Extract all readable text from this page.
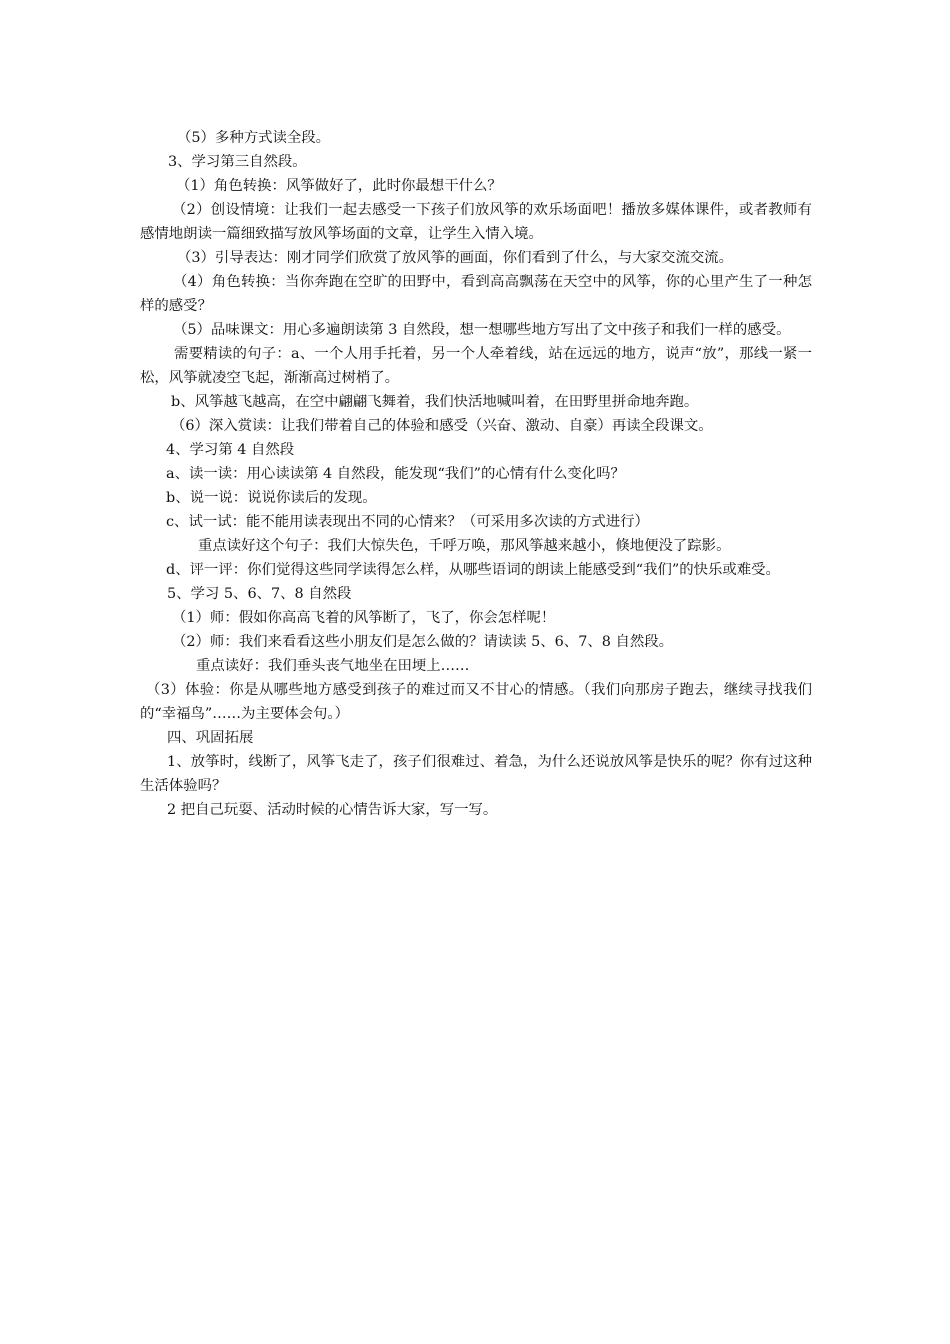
（5）多种方式读全段。

3、学习第三自然段。

（1）角色转换：风筝做好了，此时你最想干什么？

（2）创设情境：让我们一起去感受一下孩子们放风筝的欢乐场面吧！播放多媒体课件，或者教师有感情地朗读一篇细致描写放风筝场面的文章，让学生入情入境。

（3）引导表达：刚才同学们欣赏了放风筝的画面，你们看到了什么，与大家交流交流。

（4）角色转换：当你奔跑在空旷的田野中，看到高高飘荡在天空中的风筝，你的心里产生了一种怎样的感受？

（5）品味课文：用心多遍朗读第 3 自然段，想一想哪些地方写出了文中孩子和我们一样的感受。

需要精读的句子：a、一个人用手托着，另一个人牵着线，站在远远的地方，说声“放”，那线一紧一松，风筝就凌空飞起，渐渐高过树梢了。

b、风筝越飞越高，在空中翩翩飞舞着，我们快活地喊叫着，在田野里拼命地奔跑。

（6）深入赏读：让我们带着自己的体验和感受（兴奋、激动、自豪）再读全段课文。

4、学习第 4 自然段

a、读一读：用心读读第 4 自然段，能发现“我们”的心情有什么变化吗？

b、说一说：说说你读后的发现。

c、试一试：能不能用读表现出不同的心情来？（可采用多次读的方式进行）

重点读好这个句子：我们大惊失色，千呼万唤，那风筝越来越小，倏地便没了踪影。

d、评一评：你们觉得这些同学读得怎么样，从哪些语词的朗读上能感受到“我们”的快乐或难受。

5、学习 5、6、7、8 自然段

（1）师：假如你高高飞着的风筝断了，飞了，你会怎样呢！

（2）师：我们来看看这些小朋友们是怎么做的？请读读 5、6、7、8 自然段。

重点读好：我们垂头丧气地坐在田埂上……

（3）体验：你是从哪些地方感受到孩子的难过而又不甘心的情感。（我们向那房子跑去，继续寻找我们的“幸福鸟”……为主要体会句。）

四、巩固拓展

1、放筝时，线断了，风筝飞走了，孩子们很难过、着急，为什么还说放风筝是快乐的呢？你有过这种生活体验吗？

2 把自己玩耍、活动时候的心情告诉大家，写一写。
